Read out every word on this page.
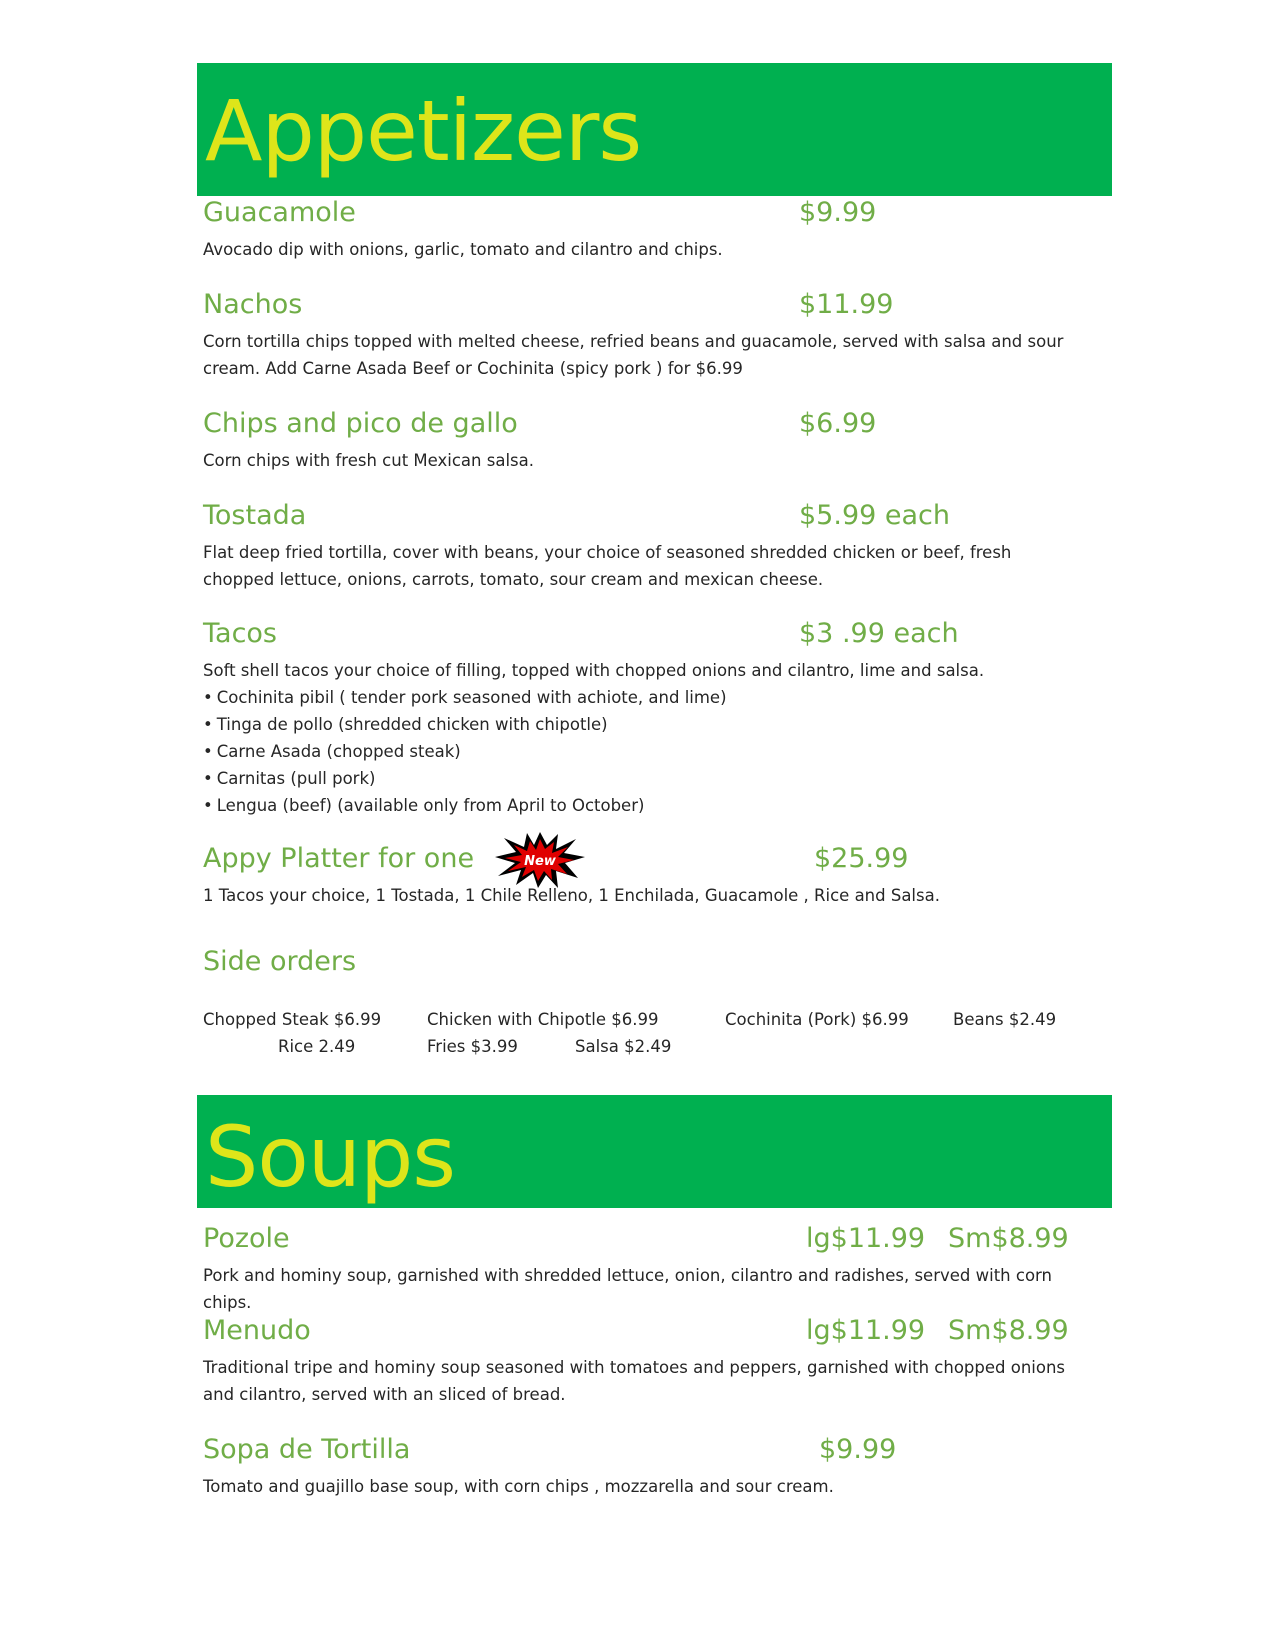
Appetizers
Guacamole	$9.99
Avocado dip with onions, garlic, tomato and cilantro and chips.
Nachos	$11.99
Corn tortilla chips topped with melted cheese, refried beans and guacamole, served with salsa and sour cream. Add Carne Asada Beef or Cochinita (spicy pork ) for $6.99
Chips and pico de gallo	$6.99
Corn chips with fresh cut Mexican salsa.
Tostada	$5.99 each
Flat deep fried tortilla, cover with beans, your choice of seasoned shredded chicken or beef, fresh chopped lettuce, onions, carrots, tomato, sour cream and mexican cheese.
Tacos	$3 .99 each
Soft shell tacos your choice of filling, topped with chopped onions and cilantro, lime and salsa.
• Cochinita pibil ( tender pork seasoned with achiote, and lime)
• Tinga de pollo (shredded chicken with chipotle)
• Carne Asada (chopped steak)
• Carnitas (pull pork)
• Lengua (beef) (available only from April to October)
Appy Platter for one	$25.99
1 Tacos your choice, 1 Tostada, 1 Chile Relleno, 1 Enchilada, Guacamole , Rice and Salsa.
New
Side orders
Chopped Steak $6.99	Chicken with Chipotle $6.99	Cochinita (Pork) $6.99	Beans $2.49
Rice 2.49	Fries $3.99	Salsa $2.49
Soups
Pozole	lg$11.99 Sm$8.99
Pork and hominy soup, garnished with shredded lettuce, onion, cilantro and radishes, served with corn chips.
Menudo	lg$11.99 Sm$8.99
Traditional tripe and hominy soup seasoned with tomatoes and peppers, garnished with chopped onions and cilantro, served with an sliced of bread.
Sopa de Tortilla	$9.99
Tomato and guajillo base soup, with corn chips , mozzarella and sour cream.
